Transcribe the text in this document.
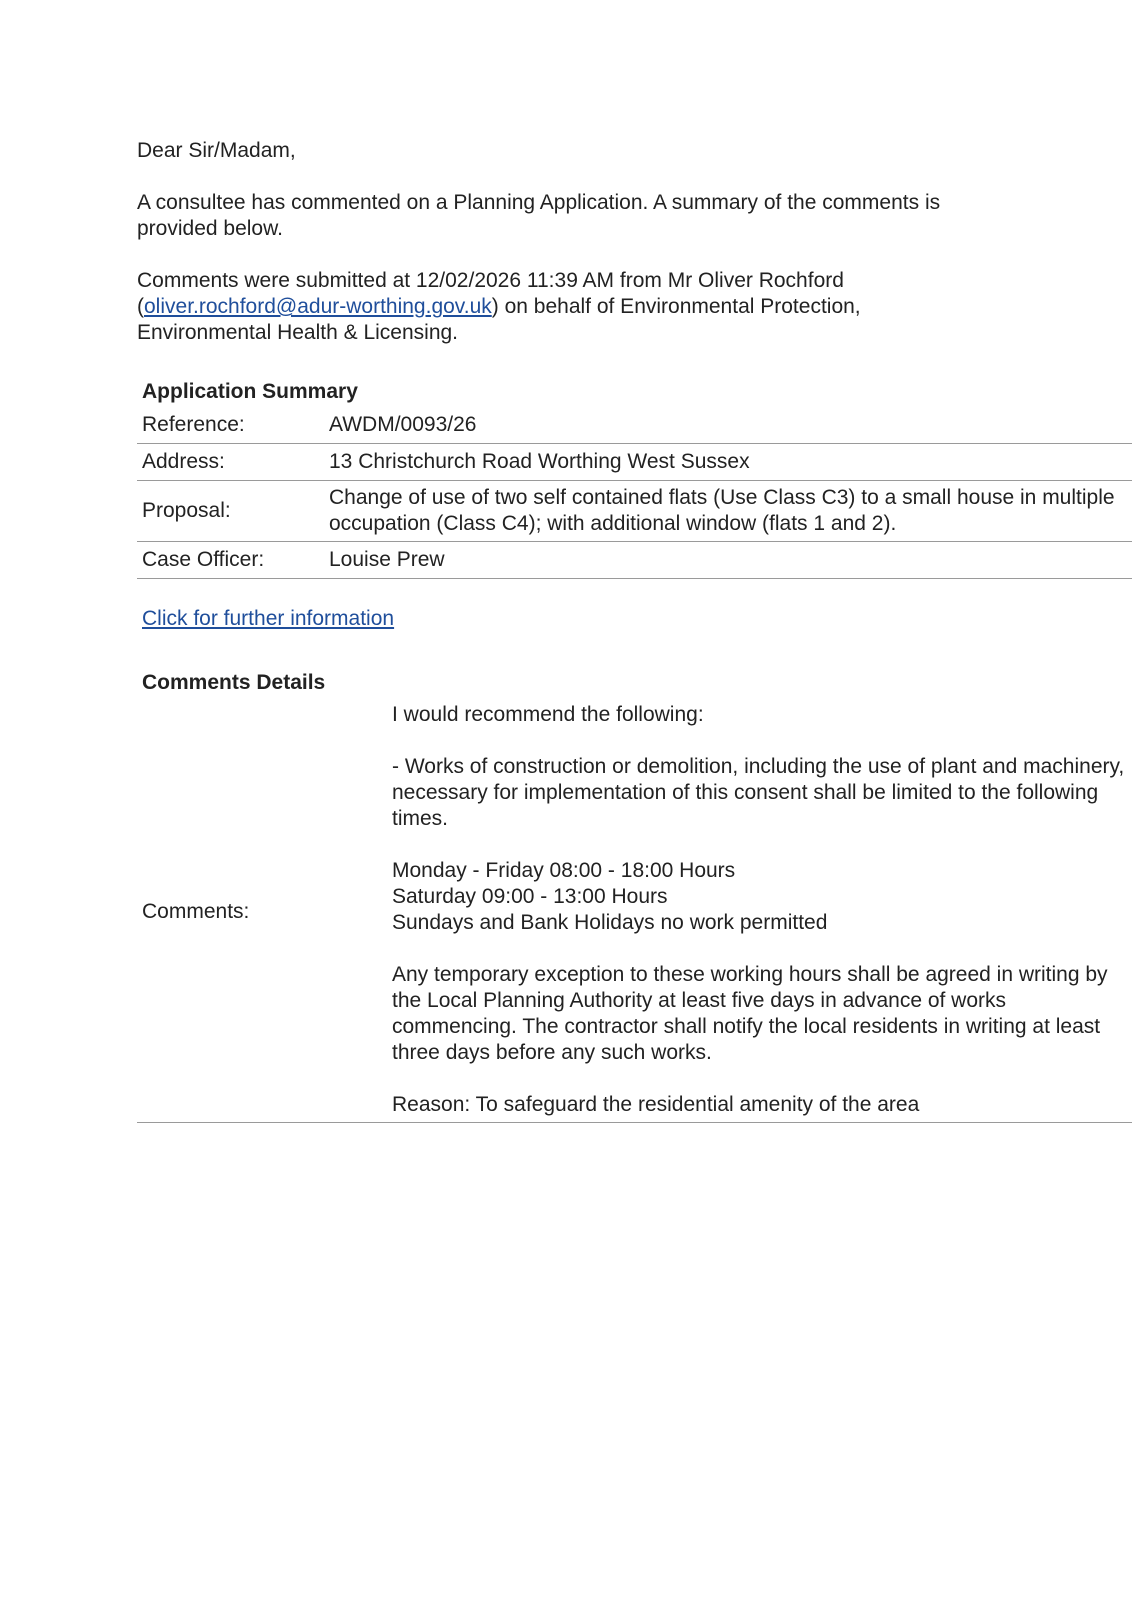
Dear Sir/Madam,

A consultee has commented on a Planning Application. A summary of the comments is provided below.

Comments were submitted at 12/02/2026 11:39 AM from Mr Oliver Rochford (oliver.rochford@adur-worthing.gov.uk) on behalf of Environmental Protection, Environmental Health & Licensing.

Application Summary
Reference:	AWDM/0093/26
Address:	13 Christchurch Road Worthing West Sussex
Proposal:	Change of use of two self contained flats (Use Class C3) to a small house in multiple occupation (Class C4); with additional window (flats 1 and 2).
Case Officer:	Louise Prew
Click for further information
Comments Details
Comments:

I would recommend the following:

- Works of construction or demolition, including the use of plant and machinery, necessary for implementation of this consent shall be limited to the following times.

Monday - Friday 08:00 - 18:00 Hours
Saturday 09:00 - 13:00 Hours
Sundays and Bank Holidays no work permitted

Any temporary exception to these working hours shall be agreed in writing by the Local Planning Authority at least five days in advance of works commencing. The contractor shall notify the local residents in writing at least three days before any such works.

Reason: To safeguard the residential amenity of the area
